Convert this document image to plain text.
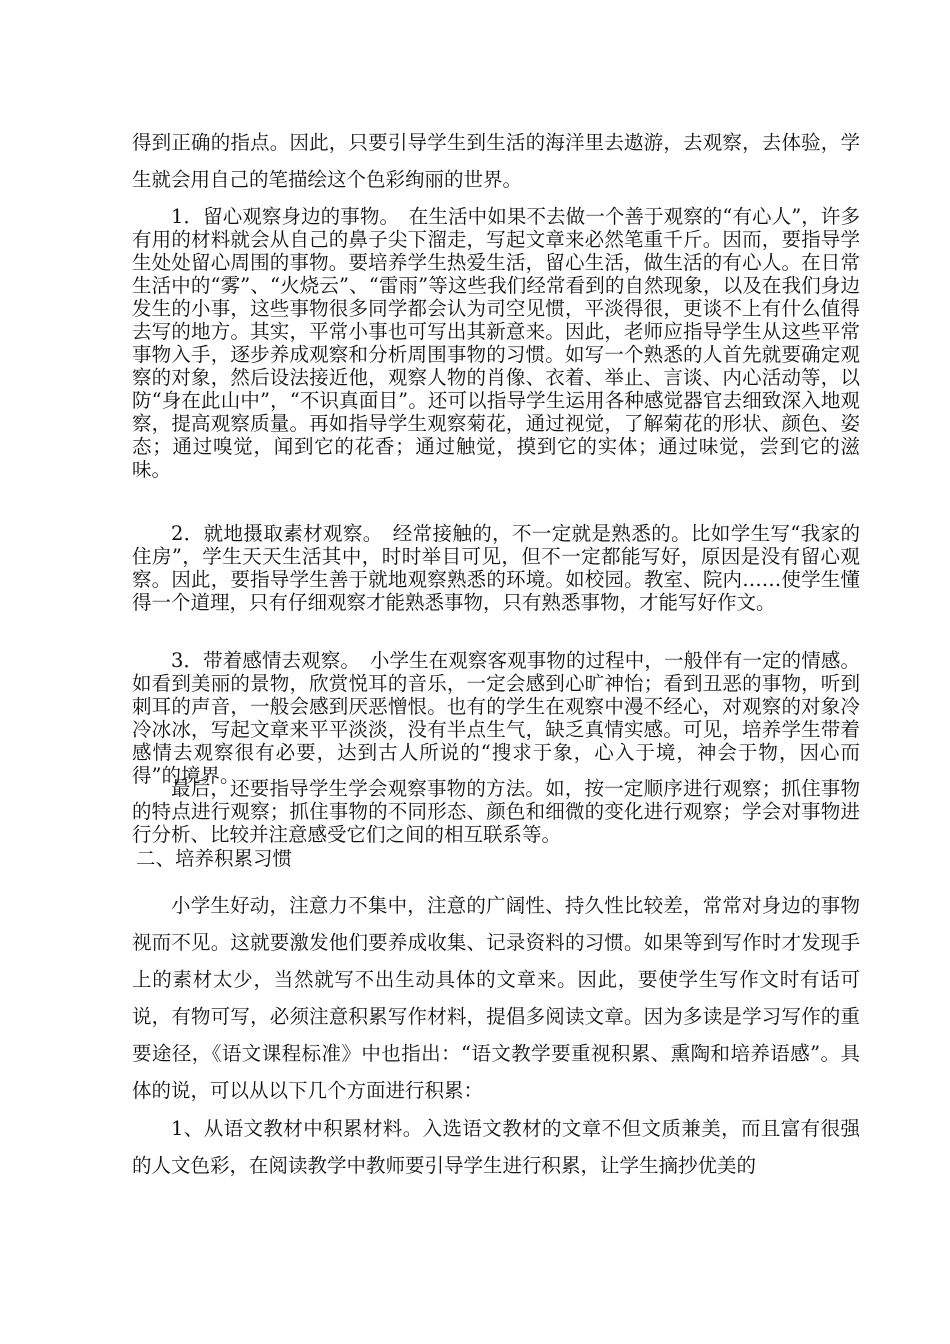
得到正确的指点。因此，只要引导学生到生活的海洋里去遨游，去观察，去体验，学生就会用自己的笔描绘这个色彩绚丽的世界。

1．留心观察身边的事物。　在生活中如果不去做一个善于观察的“有心人”，许多有用的材料就会从自己的鼻子尖下溜走，写起文章来必然笔重千斤。因而，要指导学生处处留心周围的事物。要培养学生热爱生活，留心生活，做生活的有心人。在日常生活中的“雾”、“火烧云”、“雷雨”等这些我们经常看到的自然现象，以及在我们身边发生的小事，这些事物很多同学都会认为司空见惯，平淡得很，更谈不上有什么值得去写的地方。其实，平常小事也可写出其新意来。因此，老师应指导学生从这些平常事物入手，逐步养成观察和分析周围事物的习惯。如写一个熟悉的人首先就要确定观察的对象，然后设法接近他，观察人物的肖像、衣着、举止、言谈、内心活动等，以防“身在此山中”，“不识真面目”。还可以指导学生运用各种感觉器官去细致深入地观察，提高观察质量。再如指导学生观察菊花，通过视觉，了解菊花的形状、颜色、姿态；通过嗅觉，闻到它的花香；通过触觉，摸到它的实体；通过味觉，尝到它的滋味。

2．就地摄取素材观察。　经常接触的，不一定就是熟悉的。比如学生写“我家的住房”，学生天天生活其中，时时举目可见，但不一定都能写好，原因是没有留心观察。因此，要指导学生善于就地观察熟悉的环境。如校园。教室、院内……使学生懂得一个道理，只有仔细观察才能熟悉事物，只有熟悉事物，才能写好作文。

3．带着感情去观察。　小学生在观察客观事物的过程中，一般伴有一定的情感。如看到美丽的景物，欣赏悦耳的音乐，一定会感到心旷神怡；看到丑恶的事物，听到刺耳的声音，一般会感到厌恶憎恨。也有的学生在观察中漫不经心，对观察的对象冷冷冰冰，写起文章来平平淡淡，没有半点生气，缺乏真情实感。可见，培养学生带着感情去观察很有必要，达到古人所说的“搜求于象，心入于境，神会于物，因心而得”的境界。

最后，还要指导学生学会观察事物的方法。如，按一定顺序进行观察；抓住事物的特点进行观察；抓住事物的不同形态、颜色和细微的变化进行观察；学会对事物进行分析、比较并注意感受它们之间的相互联系等。

二、培养积累习惯

小学生好动，注意力不集中，注意的广阔性、持久性比较差，常常对身边的事物视而不见。这就要激发他们要养成收集、记录资料的习惯。如果等到写作时才发现手上的素材太少，当然就写不出生动具体的文章来。因此，要使学生写作文时有话可说，有物可写，必须注意积累写作材料，提倡多阅读文章。因为多读是学习写作的重要途径，《语文课程标准》中也指出：“语文教学要重视积累、熏陶和培养语感”。具体的说，可以从以下几个方面进行积累：

1、从语文教材中积累材料。入选语文教材的文章不但文质兼美，而且富有很强的人文色彩，在阅读教学中教师要引导学生进行积累，让学生摘抄优美的
